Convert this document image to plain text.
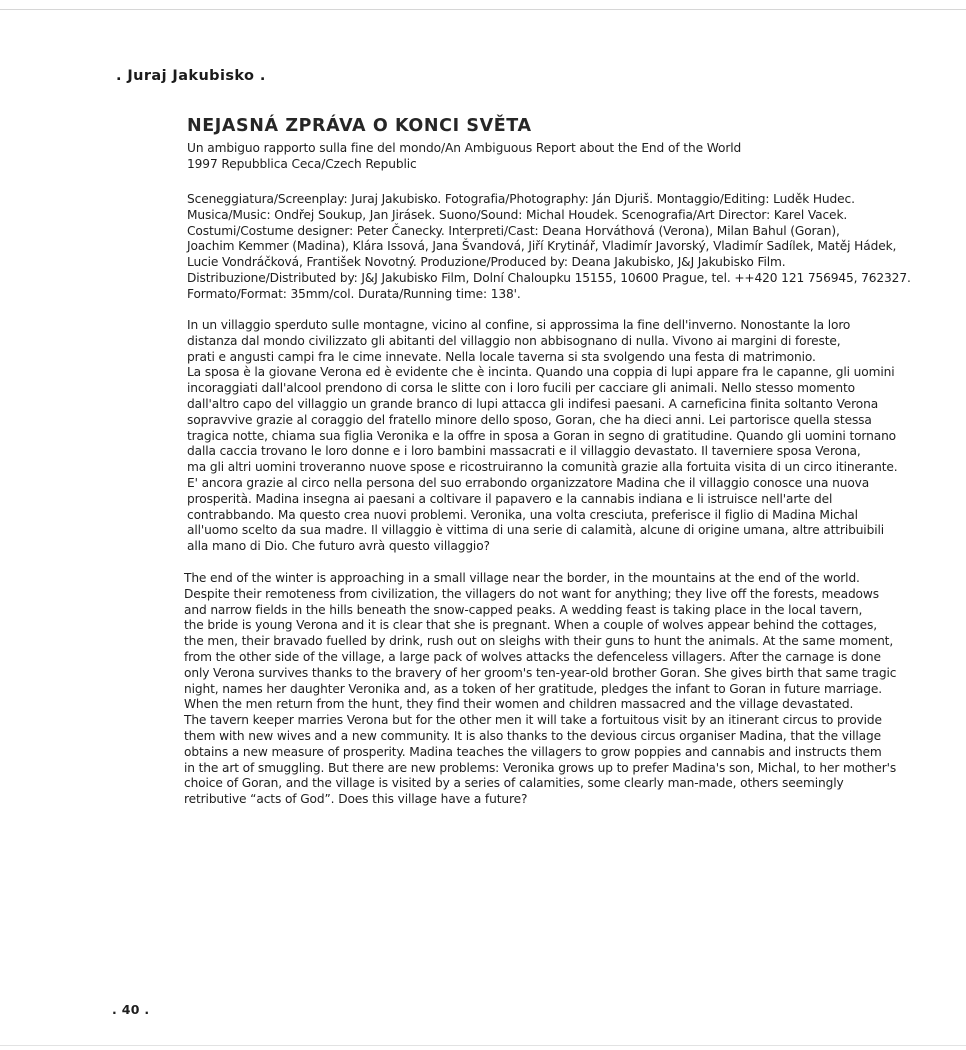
. Juraj Jakubisko .
NEJASNÁ ZPRÁVA O KONCI SVĚTA
Un ambiguo rapporto sulla fine del mondo/An Ambiguous Report about the End of the World
1997 Repubblica Ceca/Czech Republic
Sceneggiatura/Screenplay: Juraj Jakubisko. Fotografia/Photography: Ján Djuriš. Montaggio/Editing: Luděk Hudec.
Musica/Music: Ondřej Soukup, Jan Jirásek. Suono/Sound: Michal Houdek. Scenografia/Art Director: Karel Vacek.
Costumi/Costume designer: Peter Čanecky. Interpreti/Cast: Deana Horváthová (Verona), Milan Bahul (Goran),
Joachim Kemmer (Madina), Klára Issová, Jana Švandová, Jiří Krytinář, Vladimír Javorský, Vladimír Sadílek, Matěj Hádek,
Lucie Vondráčková, František Novotný. Produzione/Produced by: Deana Jakubisko, J&J Jakubisko Film.
Distribuzione/Distributed by: J&J Jakubisko Film, Dolní Chaloupku 15155, 10600 Prague, tel. ++420 121 756945, 762327.
Formato/Format: 35mm/col. Durata/Running time: 138'.
In un villaggio sperduto sulle montagne, vicino al confine, si approssima la fine dell'inverno. Nonostante la loro
distanza dal mondo civilizzato gli abitanti del villaggio non abbisognano di nulla. Vivono ai margini di foreste,
prati e angusti campi fra le cime innevate. Nella locale taverna si sta svolgendo una festa di matrimonio.
La sposa è la giovane Verona ed è evidente che è incinta. Quando una coppia di lupi appare fra le capanne, gli uomini
incoraggiati dall'alcool prendono di corsa le slitte con i loro fucili per cacciare gli animali. Nello stesso momento
dall'altro capo del villaggio un grande branco di lupi attacca gli indifesi paesani. A carneficina finita soltanto Verona
sopravvive grazie al coraggio del fratello minore dello sposo, Goran, che ha dieci anni. Lei partorisce quella stessa
tragica notte, chiama sua figlia Veronika e la offre in sposa a Goran in segno di gratitudine. Quando gli uomini tornano
dalla caccia trovano le loro donne e i loro bambini massacrati e il villaggio devastato. Il taverniere sposa Verona,
ma gli altri uomini troveranno nuove spose e ricostruiranno la comunità grazie alla fortuita visita di un circo itinerante.
E' ancora grazie al circo nella persona del suo errabondo organizzatore Madina che il villaggio conosce una nuova
prosperità. Madina insegna ai paesani a coltivare il papavero e la cannabis indiana e li istruisce nell'arte del
contrabbando. Ma questo crea nuovi problemi. Veronika, una volta cresciuta, preferisce il figlio di Madina Michal
all'uomo scelto da sua madre. Il villaggio è vittima di una serie di calamità, alcune di origine umana, altre attribuibili
alla mano di Dio. Che futuro avrà questo villaggio?
The end of the winter is approaching in a small village near the border, in the mountains at the end of the world.
Despite their remoteness from civilization, the villagers do not want for anything; they live off the forests, meadows
and narrow fields in the hills beneath the snow-capped peaks. A wedding feast is taking place in the local tavern,
the bride is young Verona and it is clear that she is pregnant. When a couple of wolves appear behind the cottages,
the men, their bravado fuelled by drink, rush out on sleighs with their guns to hunt the animals. At the same moment,
from the other side of the village, a large pack of wolves attacks the defenceless villagers. After the carnage is done
only Verona survives thanks to the bravery of her groom's ten-year-old brother Goran. She gives birth that same tragic
night, names her daughter Veronika and, as a token of her gratitude, pledges the infant to Goran in future marriage.
When the men return from the hunt, they find their women and children massacred and the village devastated.
The tavern keeper marries Verona but for the other men it will take a fortuitous visit by an itinerant circus to provide
them with new wives and a new community. It is also thanks to the devious circus organiser Madina, that the village
obtains a new measure of prosperity. Madina teaches the villagers to grow poppies and cannabis and instructs them
in the art of smuggling. But there are new problems: Veronika grows up to prefer Madina's son, Michal, to her mother's
choice of Goran, and the village is visited by a series of calamities, some clearly man-made, others seemingly
retributive “acts of God”. Does this village have a future?
. 40 .
